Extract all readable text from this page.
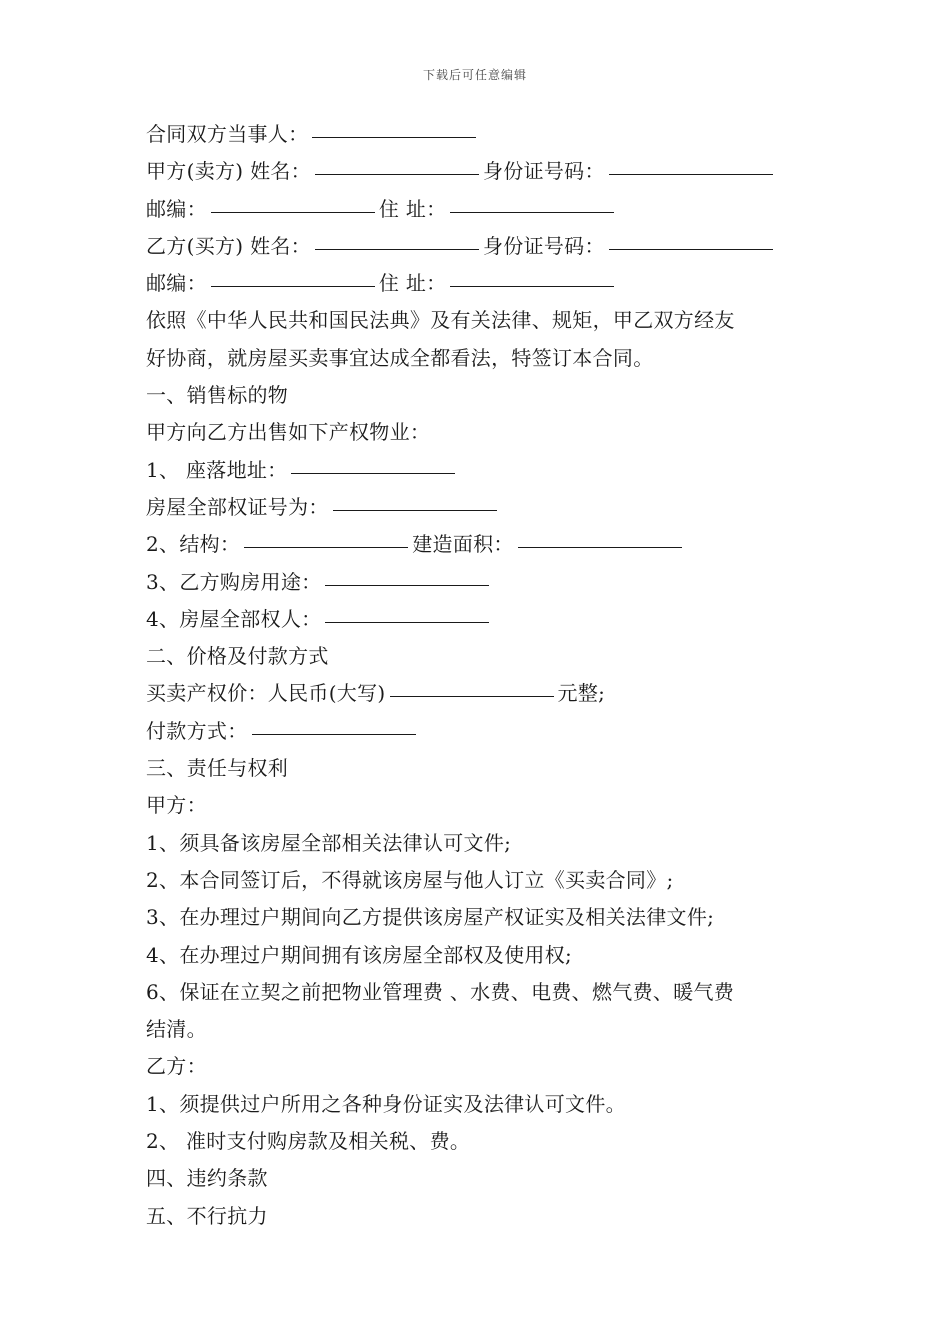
下载后可任意编辑
合同双方当事人：
甲方(卖方) 姓名：	身份证号码：
邮编：	住 址：
乙方(买方) 姓名：	身份证号码：
邮编：	住 址：
依照《中华人民共和国民法典》及有关法律、规矩，甲乙双方经友
好协商，就房屋买卖事宜达成全都看法，特签订本合同。
一、销售标的物
甲方向乙方出售如下产权物业：
1、 座落地址：
房屋全部权证号为：
2、结构：	建造面积：
3、乙方购房用途：
4、房屋全部权人：
二、价格及付款方式
买卖产权价：人民币(大写)	元整;
付款方式：
三、责任与权利
甲方：
1、须具备该房屋全部相关法律认可文件;
2、本合同签订后，不得就该房屋与他人订立《买卖合同》;
3、在办理过户期间向乙方提供该房屋产权证实及相关法律文件;
4、在办理过户期间拥有该房屋全部权及使用权;
6、保证在立契之前把物业管理费 、水费、电费、燃气费、暖气费
结清。
乙方：
1、须提供过户所用之各种身份证实及法律认可文件。
2、 准时支付购房款及相关税、费。
四、违约条款
五、不行抗力
